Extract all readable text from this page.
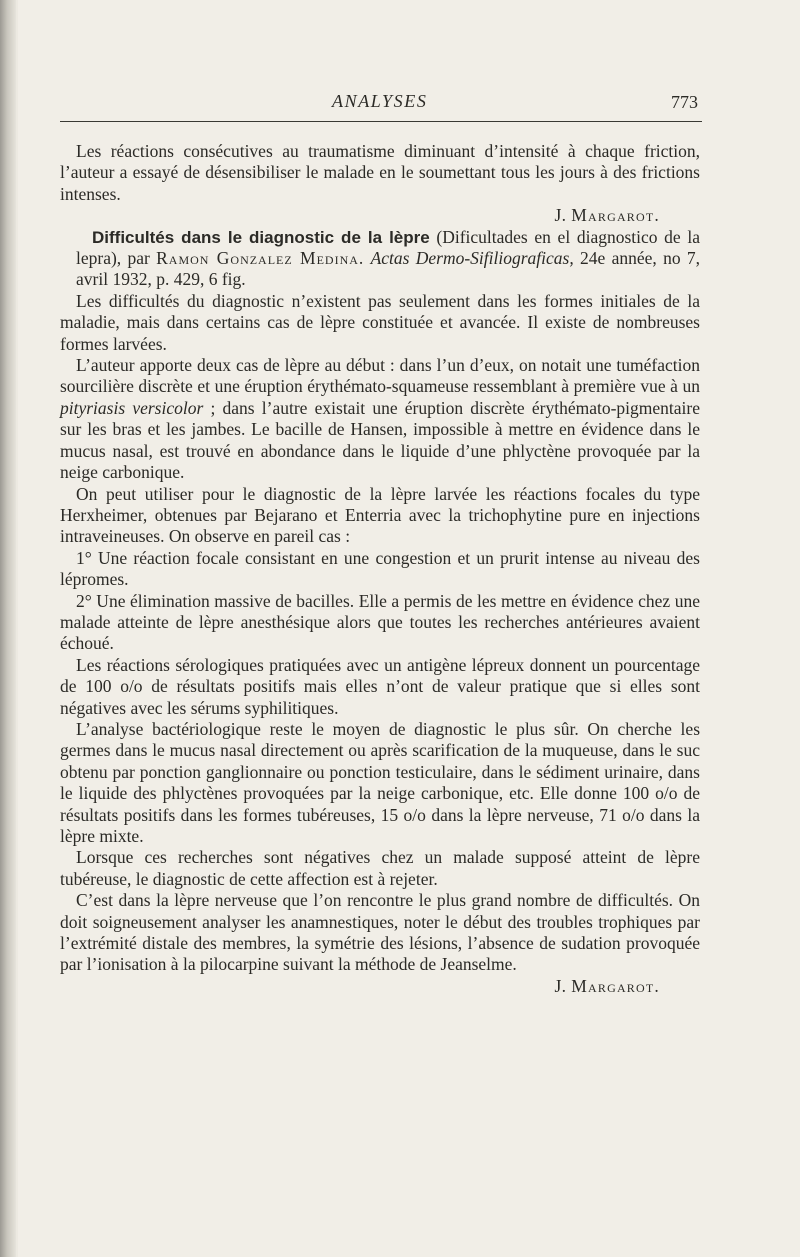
ANALYSES	773

Les réactions consécutives au traumatisme diminuant d’intensité à chaque friction, l’auteur a essayé de désensibiliser le malade en le soumettant tous les jours à des frictions intenses.

J. Margarot.

Difficultés dans le diagnostic de la lèpre (Dificultades en el diagnostico de la lepra), par Ramon Gonzalez Medina. Actas Dermo-Sifiliograficas, 24e année, no 7, avril 1932, p. 429, 6 fig.

Les difficultés du diagnostic n’existent pas seulement dans les formes initiales de la maladie, mais dans certains cas de lèpre constituée et avancée. Il existe de nombreuses formes larvées.

L’auteur apporte deux cas de lèpre au début : dans l’un d’eux, on notait une tuméfaction sourcilière discrète et une éruption érythémato-squameuse ressemblant à première vue à un pityriasis versicolor ; dans l’autre existait une éruption discrète érythémato-pigmentaire sur les bras et les jambes. Le bacille de Hansen, impossible à mettre en évidence dans le mucus nasal, est trouvé en abondance dans le liquide d’une phlyctène provoquée par la neige carbonique.

On peut utiliser pour le diagnostic de la lèpre larvée les réactions focales du type Herxheimer, obtenues par Bejarano et Enterria avec la trichophytine pure en injections intraveineuses. On observe en pareil cas :

1° Une réaction focale consistant en une congestion et un prurit intense au niveau des lépromes.

2° Une élimination massive de bacilles. Elle a permis de les mettre en évidence chez une malade atteinte de lèpre anesthésique alors que toutes les recherches antérieures avaient échoué.

Les réactions sérologiques pratiquées avec un antigène lépreux donnent un pourcentage de 100 o/o de résultats positifs mais elles n’ont de valeur pratique que si elles sont négatives avec les sérums syphilitiques.

L’analyse bactériologique reste le moyen de diagnostic le plus sûr. On cherche les germes dans le mucus nasal directement ou après scarification de la muqueuse, dans le suc obtenu par ponction ganglionnaire ou ponction testiculaire, dans le sédiment urinaire, dans le liquide des phlyctènes provoquées par la neige carbonique, etc. Elle donne 100 o/o de résultats positifs dans les formes tubéreuses, 15 o/o dans la lèpre nerveuse, 71 o/o dans la lèpre mixte.

Lorsque ces recherches sont négatives chez un malade supposé atteint de lèpre tubéreuse, le diagnostic de cette affection est à rejeter.

C’est dans la lèpre nerveuse que l’on rencontre le plus grand nombre de difficultés. On doit soigneusement analyser les anamnestiques, noter le début des troubles trophiques par l’extrémité distale des membres, la symétrie des lésions, l’absence de sudation provoquée par l’ionisation à la pilocarpine suivant la méthode de Jeanselme.

J. Margarot.
